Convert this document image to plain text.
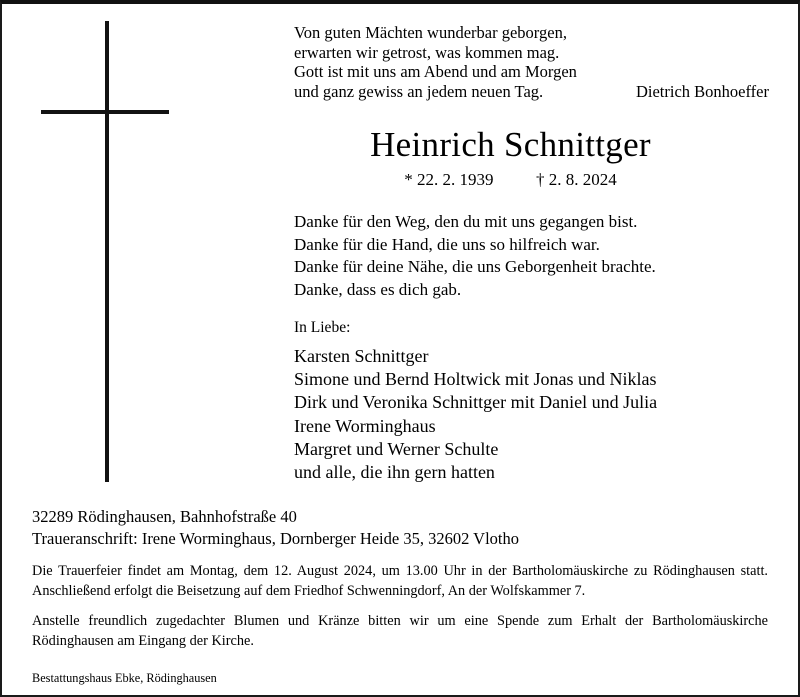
Von guten Mächten wunderbar geborgen,
erwarten wir getrost, was kommen mag.
Gott ist mit uns am Abend und am Morgen
und ganz gewiss an jedem neuen Tag.	Dietrich Bonhoeffer
Heinrich Schnittger
* 22. 2. 1939	† 2. 8. 2024
Danke für den Weg, den du mit uns gegangen bist.
Danke für die Hand, die uns so hilfreich war.
Danke für deine Nähe, die uns Geborgenheit brachte.
Danke, dass es dich gab.
In Liebe:
Karsten Schnittger
Simone und Bernd Holtwick mit Jonas und Niklas
Dirk und Veronika Schnittger mit Daniel und Julia
Irene Worminghaus
Margret und Werner Schulte
und alle, die ihn gern hatten
32289 Rödinghausen, Bahnhofstraße 40
Traueranschrift: Irene Worminghaus, Dornberger Heide 35, 32602 Vlotho
Die Trauerfeier findet am Montag, dem 12. August 2024, um 13.00 Uhr in der Bartholomäuskirche zu Rödinghausen statt. Anschließend erfolgt die Beisetzung auf dem Friedhof Schwenningdorf, An der Wolfskammer 7.
Anstelle freundlich zugedachter Blumen und Kränze bitten wir um eine Spende zum Erhalt der Bartholomäuskirche Rödinghausen am Eingang der Kirche.
Bestattungshaus Ebke, Rödinghausen
